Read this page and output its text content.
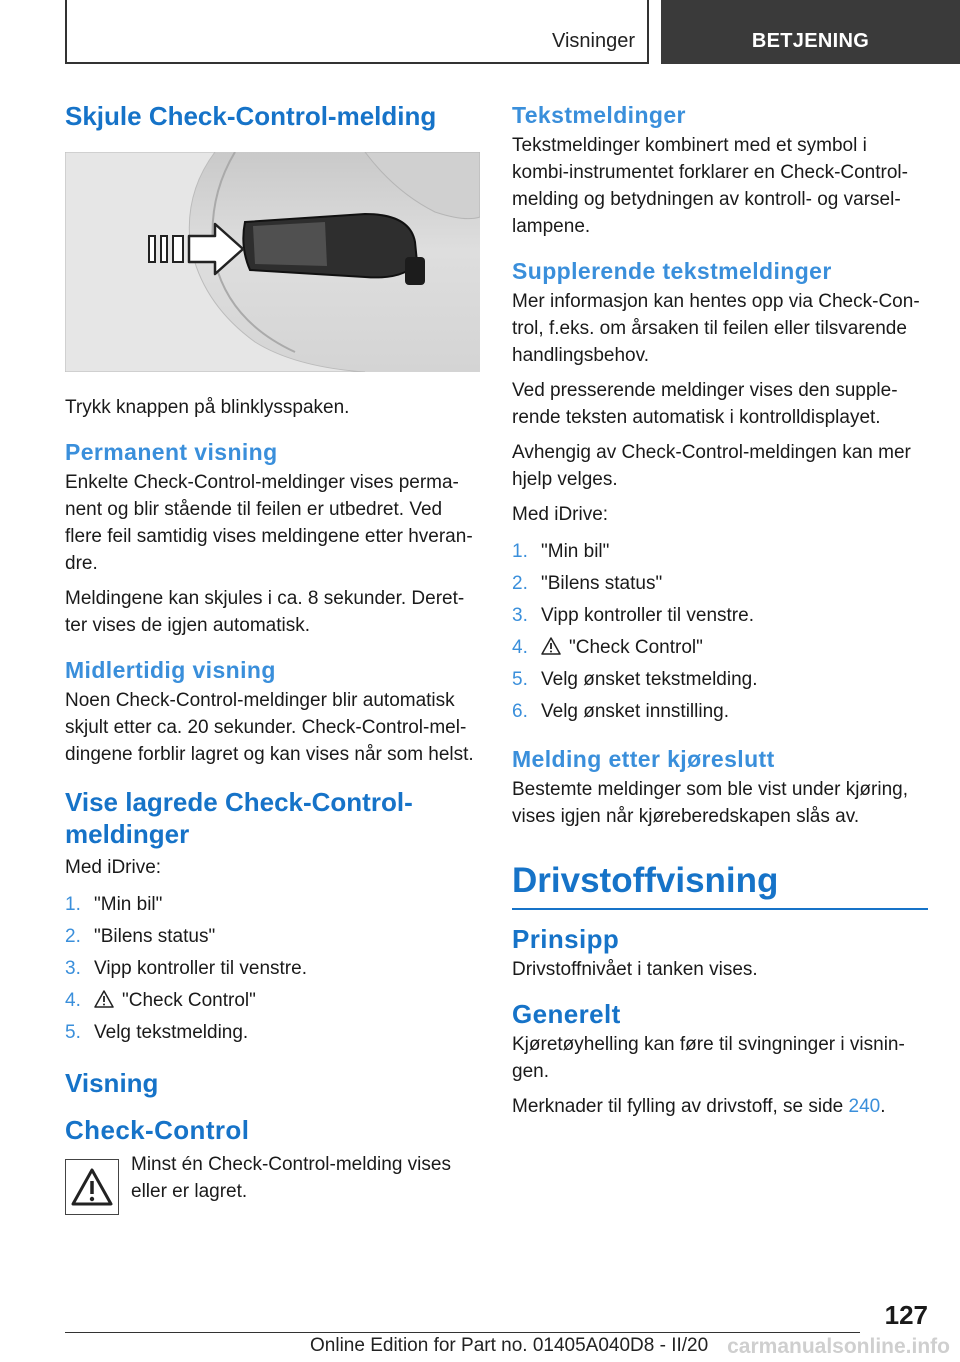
Visninger	BETJENING
Skjule Check-Control-melding

Trykk knappen på blinklysspaken.

Permanent visning

Enkelte Check-Control-meldinger vises permanent og blir stående til feilen er utbedret. Ved flere feil samtidig vises meldingene etter hverandre.

Meldingene kan skjules i ca. 8 sekunder. Deretter vises de igjen automatisk.

Midlertidig visning

Noen Check-Control-meldinger blir automatisk skjult etter ca. 20 sekunder. Check-Control-meldingene forblir lagret og kan vises når som helst.

Vise lagrede Check-Control-meldinger

Med iDrive:

1. "Min bil"
2. "Bilens status"
3. Vipp kontroller til venstre.
4. "Check Control"
5. Velg tekstmelding.
Visning
Check-Control

Minst én Check-Control-melding vises eller er lagret.

Tekstmeldinger

Tekstmeldinger kombinert med et symbol i kombi-instrumentet forklarer en Check-Control-melding og betydningen av kontroll- og varsellampene.

Supplerende tekstmeldinger

Mer informasjon kan hentes opp via Check-Control, f.eks. om årsaken til feilen eller tilsvarende handlingsbehov.

Ved presserende meldinger vises den supplerende teksten automatisk i kontrolldisplayet.

Avhengig av Check-Control-meldingen kan mer hjelp velges.

Med iDrive:

1. "Min bil"
2. "Bilens status"
3. Vipp kontroller til venstre.
4. "Check Control"
5. Velg ønsket tekstmelding.
6. Velg ønsket innstilling.
Melding etter kjøreslutt

Bestemte meldinger som ble vist under kjøring, vises igjen når kjøreberedskapen slås av.

Drivstoffvisning
Prinsipp

Drivstoffnivået i tanken vises.

Generelt

Kjøretøyhelling kan føre til svingninger i visningen.

Merknader til fylling av drivstoff, se side 240.

127
Online Edition for Part no. 01405A040D8 - II/20 carmanualsonline.info
